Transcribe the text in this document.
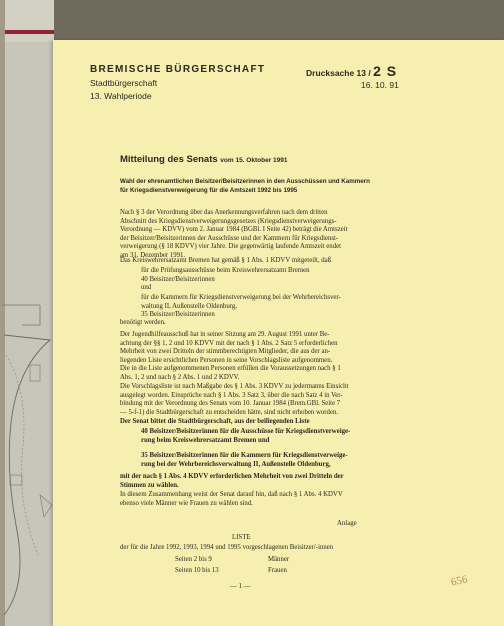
BREMISCHE BÜRGERSCHAFT
Stadtbürgerschaft
13. Wahlperiode
Drucksache 13 / 2 S
16. 10. 91
Mitteilung des Senats vom 15. Oktober 1991
Wahl der ehrenamtlichen Beisitzer/Beisitzerinnen in den Ausschüssen und Kammern
für Kriegsdienstverweigerung für die Amtszeit 1992 bis 1995
Nach § 3 der Verordnung über das Anerkennungsverfahren nach dem dritten
Abschnitt des Kriegsdienstverweigerungsgesetzes (Kriegsdienstverweigerungs-
Verordnung — KDVV) vom 2. Januar 1984 (BGBl. I Seite 42) beträgt die Amtszeit
der Beisitzer/Beisitzerinnen der Ausschüsse und der Kammern für Kriegsdienst-
verweigerung (§ 18 KDVV) vier Jahre. Die gegenwärtig laufende Amtszeit endet
am 31. Dezember 1991.
Das Kreiswehrersatzamt Bremen hat gemäß § 1 Abs. 1 KDVV mitgeteilt, daß
für die Prüfungsausschüsse beim Kreiswehrersatzamt Bremen
40 Beisitzer/Beisitzerinnen
und
für die Kammern für Kriegsdienstverweigerung bei der Wehrbereichsver-
waltung II, Außenstelle Oldenburg,
35 Beisitzer/Beisitzerinnen
benötigt werden.
Der Jugendhilfeausschuß hat in seiner Sitzung am 29. August 1991 unter Be-
achtung der §§ 1, 2 und 10 KDVV mit der nach § 1 Abs. 2 Satz 5 erforderlichen
Mehrheit von zwei Dritteln der stimmberechtigten Mitglieder, die aus der an-
liegenden Liste ersichtlichen Personen in seine Vorschlagsliste aufgenommen.
Die in die Liste aufgenommenen Personen erfüllen die Voraussetzungen nach § 1
Abs. 1, 2 und nach § 2 Abs. 1 und 2 KDVV.
Die Vorschlagsliste ist nach Maßgabe des § 1 Abs. 3 KDVV zu jedermanns Einsicht
ausgelegt worden. Einsprüche nach § 1 Abs. 3 Satz 3, über die nach Satz 4 in Ver-
bindung mit der Verordnung des Senats vom 10. Januar 1984 (Brem.GBl. Seite 7
— 5-f-1) die Stadtbürgerschaft zu entscheiden hätte, sind nicht erhoben worden.
Der Senat bittet die Stadtbürgerschaft, aus der beiliegenden Liste
40 Beisitzer/Beisitzerinnen für die Ausschüsse für Kriegsdienstverweige-
rung beim Kreiswehrersatzamt Bremen und
35 Beisitzer/Beisitzerinnen für die Kammern für Kriegsdienstverweige-
rung bei der Wehrbereichsverwaltung II, Außenstelle Oldenburg,
mit der nach § 1 Abs. 4 KDVV erforderlichen Mehrheit von zwei Dritteln der
Stimmen zu wählen.
In diesem Zusammenhang weist der Senat darauf hin, daß nach § 1 Abs. 4 KDVV
ebenso viele Männer wie Frauen zu wählen sind.
Anlage
LISTE
der für die Jahre 1992, 1993, 1994 und 1995 vorgeschlagenen Beisitzer/-innen
Seiten 2 bis 9	Männer
Seiten 10 bis 13	Frauen
— 1 —	656
